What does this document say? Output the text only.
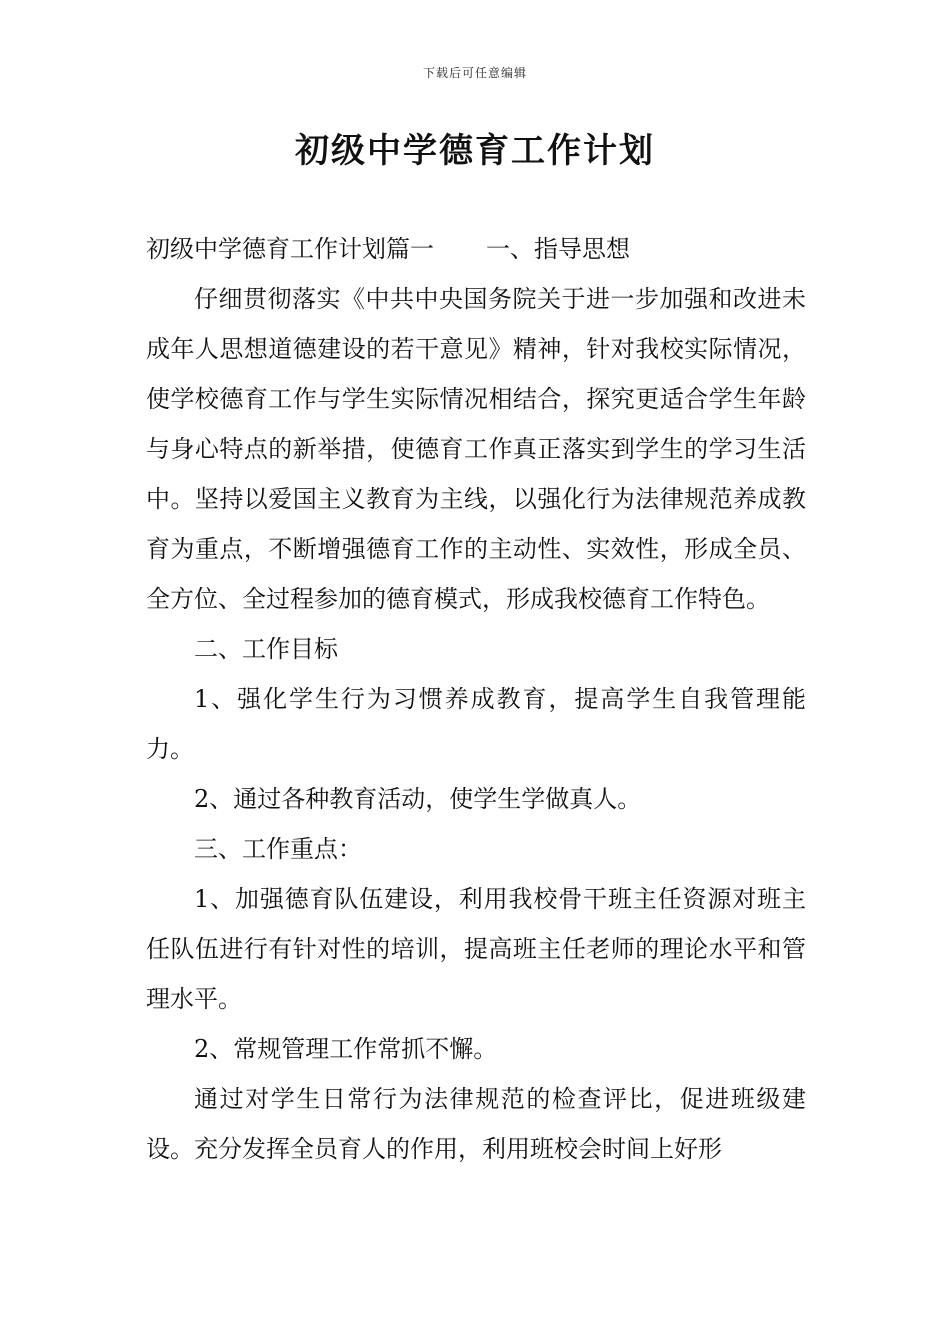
下载后可任意编辑
初级中学德育工作计划

初级中学德育工作计划篇一 一、指导思想

仔细贯彻落实《中共中央国务院关于进一步加强和改进未成年人思想道德建设的若干意见》精神，针对我校实际情况，使学校德育工作与学生实际情况相结合，探究更适合学生年龄与身心特点的新举措，使德育工作真正落实到学生的学习生活中。坚持以爱国主义教育为主线，以强化行为法律规范养成教育为重点，不断增强德育工作的主动性、实效性，形成全员、全方位、全过程参加的德育模式，形成我校德育工作特色。

二、工作目标

1、强化学生行为习惯养成教育，提高学生自我管理能力。

2、通过各种教育活动，使学生学做真人。

三、工作重点：

1、加强德育队伍建设，利用我校骨干班主任资源对班主任队伍进行有针对性的培训，提高班主任老师的理论水平和管理水平。

2、常规管理工作常抓不懈。

通过对学生日常行为法律规范的检查评比，促进班级建设。充分发挥全员育人的作用，利用班校会时间上好形
